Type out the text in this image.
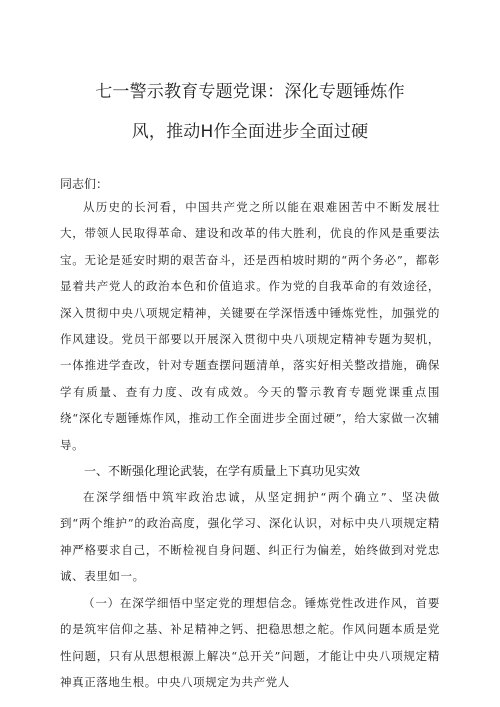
七一警示教育专题党课：深化专题锤炼作
风，推动H作全面进步全面过硬

同志们：

从历史的长河看，中国共产党之所以能在艰难困苦中不断发展壮大，带领人民取得革命、建设和改革的伟大胜利，优良的作风是重要法宝。无论是延安时期的艰苦奋斗，还是西柏坡时期的“两个务必”，都彰显着共产党人的政治本色和价值追求。作为党的自我革命的有效途径，深入贯彻中央八项规定精神，关键要在学深悟透中锤炼党性，加强党的作风建设。党员干部要以开展深入贯彻中央八项规定精神专题为契机，一体推进学查改，针对专题查摆问题清单，落实好相关整改措施，确保学有质量、查有力度、改有成效。今天的警示教育专题党课重点围绕“深化专题锤炼作风，推动工作全面进步全面过硬”，给大家做一次辅导。

一、不断强化理论武装，在学有质量上下真功见实效

在深学细悟中筑牢政治忠诚，从坚定拥护“两个确立”、坚决做到“两个维护”的政治高度，强化学习、深化认识，对标中央八项规定精神严格要求自己，不断检视自身问题、纠正行为偏差，始终做到对党忠诚、表里如一。

（一）在深学细悟中坚定党的理想信念。锤炼党性改进作风，首要的是筑牢信仰之基、补足精神之钙、把稳思想之舵。作风问题本质是党性问题，只有从思想根源上解决“总开关”问题，才能让中央八项规定精神真正落地生根。中央八项规定为共产党人
